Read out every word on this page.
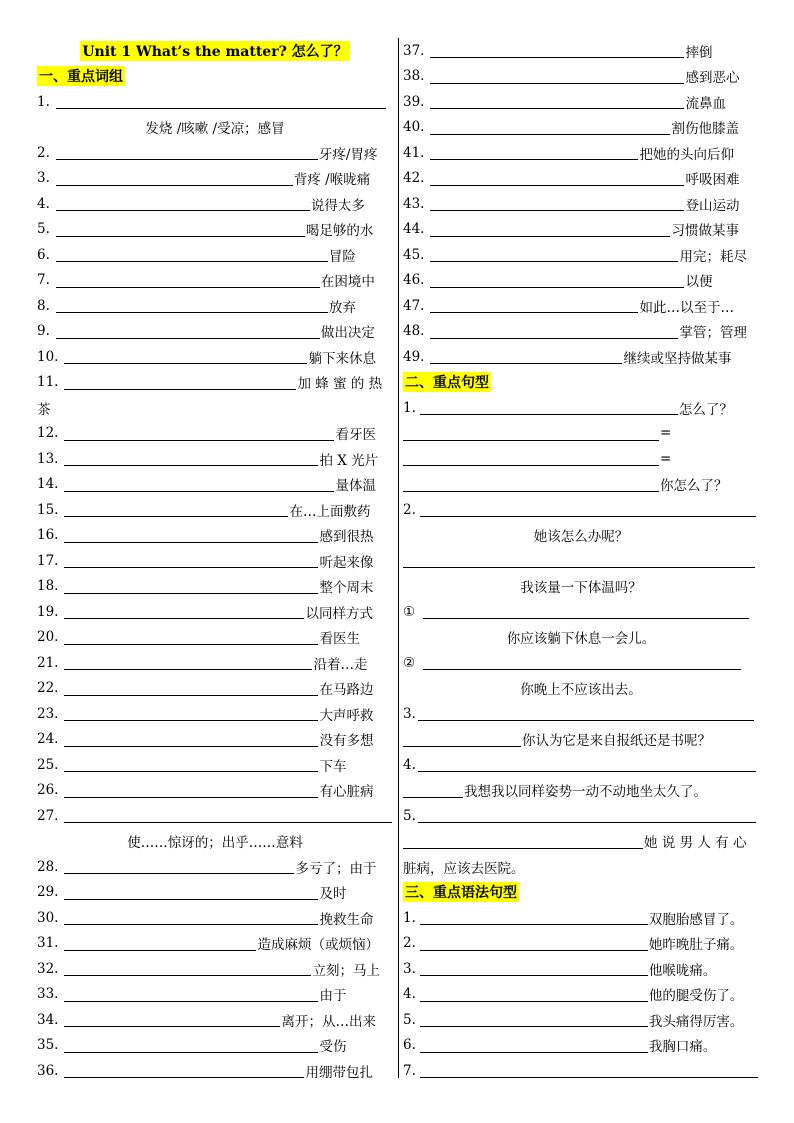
Unit 1 What’s the matter? 怎么了？
一、重点词组
1.
发烧 /咳嗽 /受凉；感冒
2.	牙疼/胃疼
3.	背疼 /喉咙痛
4.	说得太多
5.	喝足够的水
6.	冒险
7.	在困境中
8.	放弃
9.	做出决定
10.	躺下来休息
11.	加 蜂 蜜 的 热
茶
12.	看牙医
13.	拍 X 光片
14.	量体温
15.	在…上面敷药
16.	感到很热
17.	听起来像
18.	整个周末
19.	以同样方式
20.	看医生
21.	沿着…走
22.	在马路边
23.	大声呼救
24.	没有多想
25.	下车
26.	有心脏病
27.
使……惊讶的；出乎……意料
28.	多亏了；由于
29.	及时
30.	挽救生命
31.	造成麻烦（或烦恼）
32.	立刻；马上
33.	由于
34.	离开；从…出来
35.	受伤
36.	用绷带包扎
37.	摔倒
38.	感到恶心
39.	流鼻血
40.	割伤他膝盖
41.	把她的头向后仰
42.	呼吸困难
43.	登山运动
44.	习惯做某事
45.	用完；耗尽
46.	以便
47.	如此…以至于…
48.	掌管；管理
49.	继续或坚持做某事
二、重点句型
1.	怎么了？
=
=
你怎么了？
2.
她该怎么办呢？
我该量一下体温吗？
①
你应该躺下休息一会儿。
②
你晚上不应该出去。
3.
你认为它是来自报纸还是书呢？
4.
我想我以同样姿势一动不动地坐太久了。
5.
她 说 男 人 有 心
脏病，应该去医院。
三、重点语法句型
1.	双胞胎感冒了。
2.	她昨晚肚子痛。
3.	他喉咙痛。
4.	他的腿受伤了。
5.	我头痛得厉害。
6.	我胸口痛。
7.
